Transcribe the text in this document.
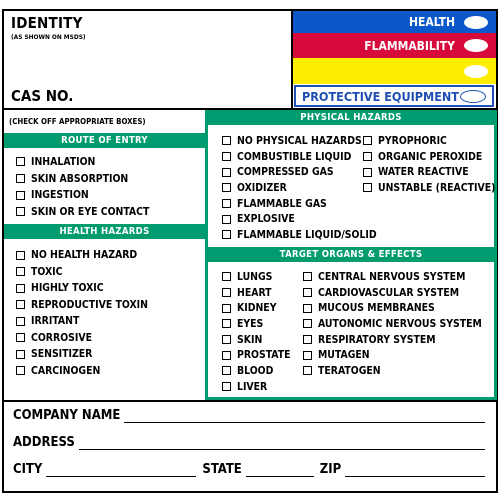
IDENTITY
(AS SHOWN ON MSDS)
CAS NO.
HEALTH
FLAMMABILITY
PROTECTIVE EQUIPMENT
(CHECK OFF APPROPRIATE BOXES)
ROUTE OF ENTRY
INHALATION
SKIN ABSORPTION
INGESTION
SKIN OR EYE CONTACT
HEALTH HAZARDS
NO HEALTH HAZARD
TOXIC
HIGHLY TOXIC
REPRODUCTIVE TOXIN
IRRITANT
CORROSIVE
SENSITIZER
CARCINOGEN
PHYSICAL HAZARDS
NO PHYSICAL HAZARDS
COMBUSTIBLE LIQUID
COMPRESSED GAS
OXIDIZER
FLAMMABLE GAS
EXPLOSIVE
FLAMMABLE LIQUID/SOLID
PYROPHORIC
ORGANIC PEROXIDE
WATER REACTIVE
UNSTABLE (REACTIVE)
TARGET ORGANS & EFFECTS
LUNGS
HEART
KIDNEY
EYES
SKIN
PROSTATE
BLOOD
LIVER
CENTRAL NERVOUS SYSTEM
CARDIOVASCULAR SYSTEM
MUCOUS MEMBRANES
AUTONOMIC NERVOUS SYSTEM
RESPIRATORY SYSTEM
MUTAGEN
TERATOGEN
COMPANY NAME
ADDRESS
CITY	STATE	ZIP
